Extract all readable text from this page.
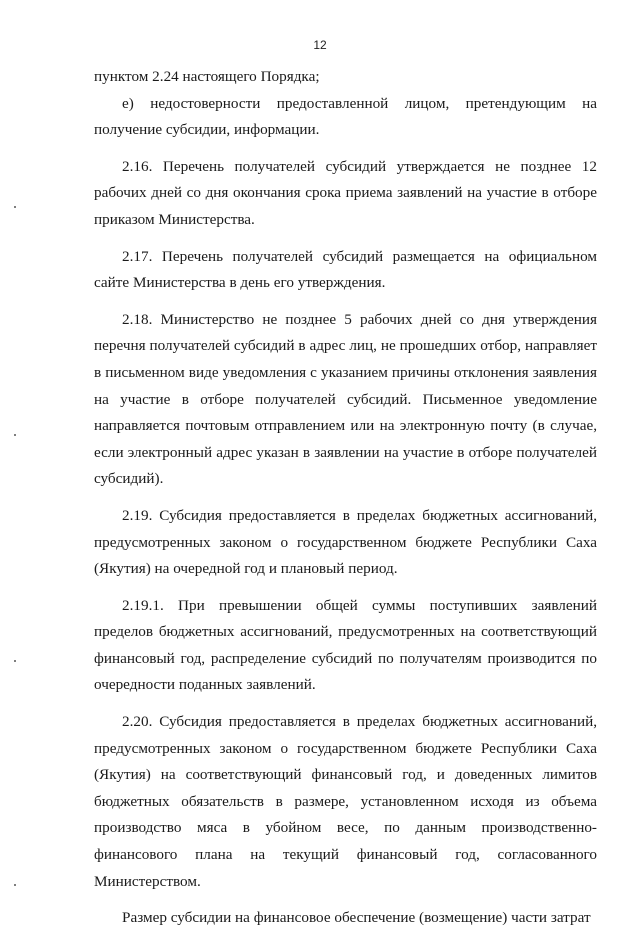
12

пунктом 2.24 настоящего Порядка;

е) недостоверности предоставленной лицом, претендующим на получение субсидии, информации.

2.16. Перечень получателей субсидий утверждается не позднее 12 рабочих дней со дня окончания срока приема заявлений на участие в отборе приказом Министерства.

2.17. Перечень получателей субсидий размещается на официальном сайте Министерства в день его утверждения.

2.18. Министерство не позднее 5 рабочих дней со дня утверждения перечня получателей субсидий в адрес лиц, не прошедших отбор, направляет в письменном виде уведомления с указанием причины отклонения заявления на участие в отборе получателей субсидий. Письменное уведомление направляется почтовым отправлением или на электронную почту (в случае, если электронный адрес указан в заявлении на участие в отборе получателей субсидий).

2.19. Субсидия предоставляется в пределах бюджетных ассигнований, предусмотренных законом о государственном бюджете Республики Саха (Якутия) на очередной год и плановый период.

2.19.1. При превышении общей суммы поступивших заявлений пределов бюджетных ассигнований, предусмотренных на соответствующий финансовый год, распределение субсидий по получателям производится по очередности поданных заявлений.

2.20. Субсидия предоставляется в пределах бюджетных ассигнований, предусмотренных законом о государственном бюджете Республики Саха (Якутия) на соответствующий финансовый год, и доведенных лимитов бюджетных обязательств в размере, установленном исходя из объема производство мяса в убойном весе, по данным производственно-финансового плана на текущий финансовый год, согласованного Министерством.

Размер субсидии на финансовое обеспечение (возмещение) части затрат
